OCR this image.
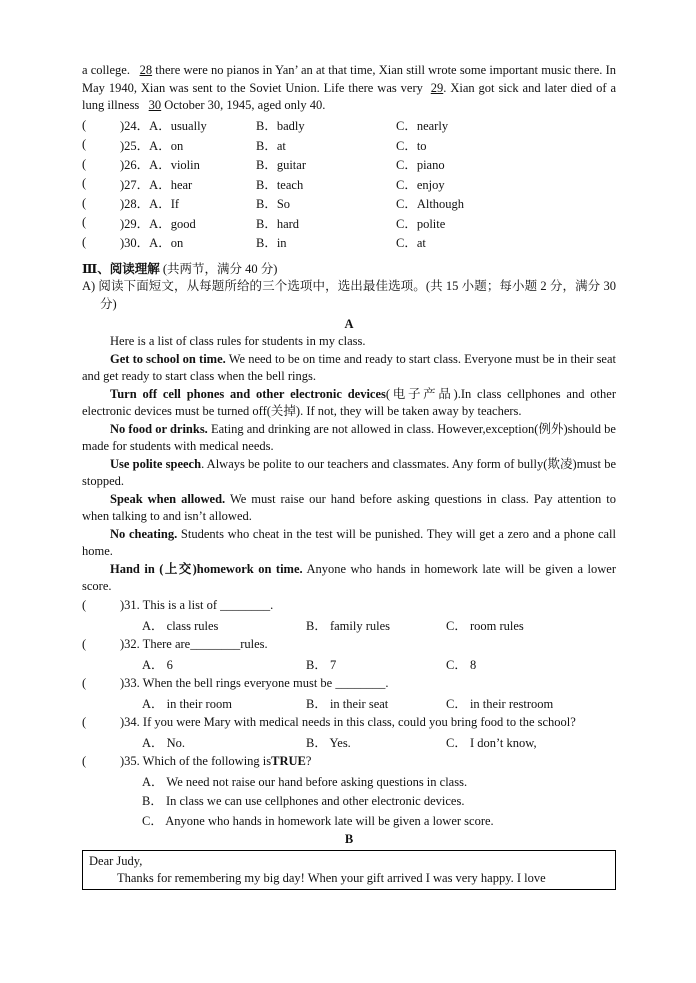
a college. 28 there were no pianos in Yan’ an at that time, Xian still wrote some important music there. In May 1940, Xian was sent to the Soviet Union. Life there was very 29. Xian got sick and later died of a lung illness 30 October 30, 1945, aged only 40.

(	)24．A．usually	B．badly	C．nearly
(	)25．A．on	B．at	C．to
(	)26．A．violin	B．guitar	C．piano
(	)27．A．hear	B．teach	C．enjoy
(	)28．A．If	B．So	C．Although
(	)29．A．good	B．hard	C．polite
(	)30．A．on	B．in	C．at
Ⅲ、阅读理解 (共两节，满分 40 分)

A) 阅读下面短文，从每题所给的三个选项中，选出最佳选项。(共 15 小题；每小题 2 分，满分 30 分)

A

Here is a list of class rules for students in my class.

Get to school on time. We need to be on time and ready to start class. Everyone must be in their seat and get ready to start class when the bell rings.

Turn off cell phones and other electronic devices(电子产品).In class cellphones and other electronic devices must be turned off(关掉). If not, they will be taken away by teachers.

No food or drinks. Eating and drinking are not allowed in class. However,exception(例外)should be made for students with medical needs.

Use polite speech. Always be polite to our teachers and classmates. Any form of bully(欺凌)must be stopped.

Speak when allowed. We must raise our hand before asking questions in class. Pay attention to when talking to and isn’t allowed.

No cheating. Students who cheat in the test will be punished. They will get a zero and a phone call home.

Hand in (上交)homework on time. Anyone who hands in homework late will be given a lower score.

(	)31. This is a list of ________.
A． class rules	B． family rules	C． room rules
(	)32. There are________rules.
A． 6	B． 7	C． 8
(	)33. When the bell rings everyone must be ________.
A． in their room	B． in their seat	C． in their restroom
(	)34. If you were Mary with medical needs in this class, could you bring food to the school?
A． No.	B． Yes.	C． I don’t know,
(	)35. Which of the following is TRUE ?
A． We need not raise our hand before asking questions in class.
B． In class we can use cellphones and other electronic devices.
C． Anyone who hands in homework late will be given a lower score.
B
Dear Judy,
Thanks for remembering my big day! When your gift arrived I was very happy. I love
